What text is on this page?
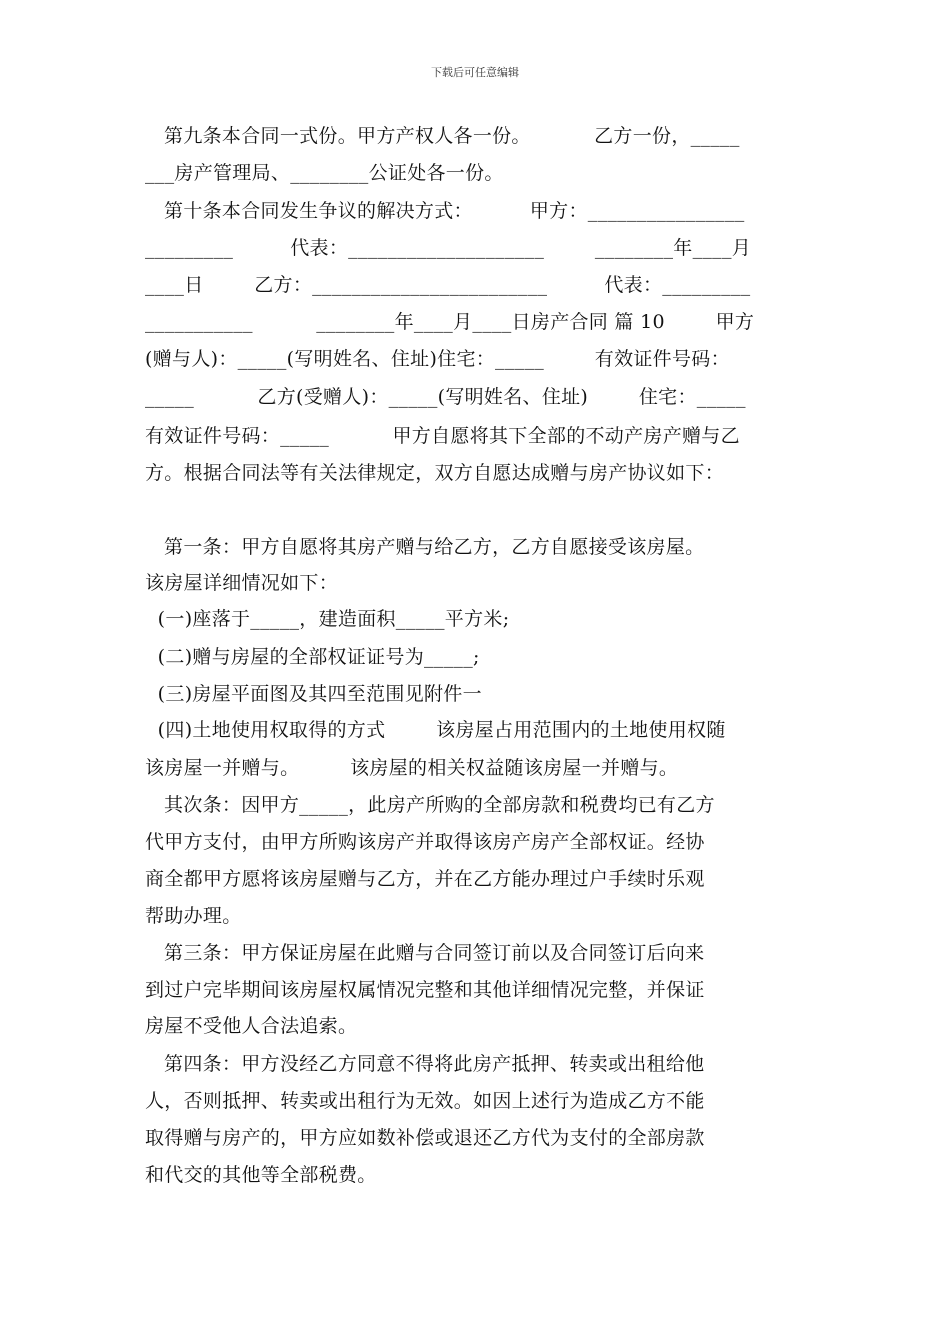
下载后可任意编辑
第九条本合同一式份。甲方产权人各一份。          乙方一份，_____
___房产管理局、________公证处各一份。
第十条本合同发生争议的解决方式：         甲方：________________
_________         代表：____________________        ________年____月
____日        乙方：________________________         代表：_________
___________          ________年____月____日房产合同 篇 10        甲方
(赠与人)：_____(写明姓名、住址)住宅：_____        有效证件号码：
_____          乙方(受赠人)：_____(写明姓名、住址)        住宅：_____
有效证件号码：_____          甲方自愿将其下全部的不动产房产赠与乙
方。根据合同法等有关法律规定，双方自愿达成赠与房产协议如下：
第一条：甲方自愿将其房产赠与给乙方，乙方自愿接受该房屋。
该房屋详细情况如下：
(一)座落于_____，建造面积_____平方米;
(二)赠与房屋的全部权证证号为_____;
(三)房屋平面图及其四至范围见附件一
(四)土地使用权取得的方式        该房屋占用范围内的土地使用权随
该房屋一并赠与。        该房屋的相关权益随该房屋一并赠与。
其次条：因甲方_____，此房产所购的全部房款和税费均已有乙方
代甲方支付，由甲方所购该房产并取得该房产房产全部权证。经协
商全都甲方愿将该房屋赠与乙方，并在乙方能办理过户手续时乐观
帮助办理。
第三条：甲方保证房屋在此赠与合同签订前以及合同签订后向来
到过户完毕期间该房屋权属情况完整和其他详细情况完整，并保证
房屋不受他人合法追索。
第四条：甲方没经乙方同意不得将此房产抵押、转卖或出租给他
人，否则抵押、转卖或出租行为无效。如因上述行为造成乙方不能
取得赠与房产的，甲方应如数补偿或退还乙方代为支付的全部房款
和代交的其他等全部税费。
